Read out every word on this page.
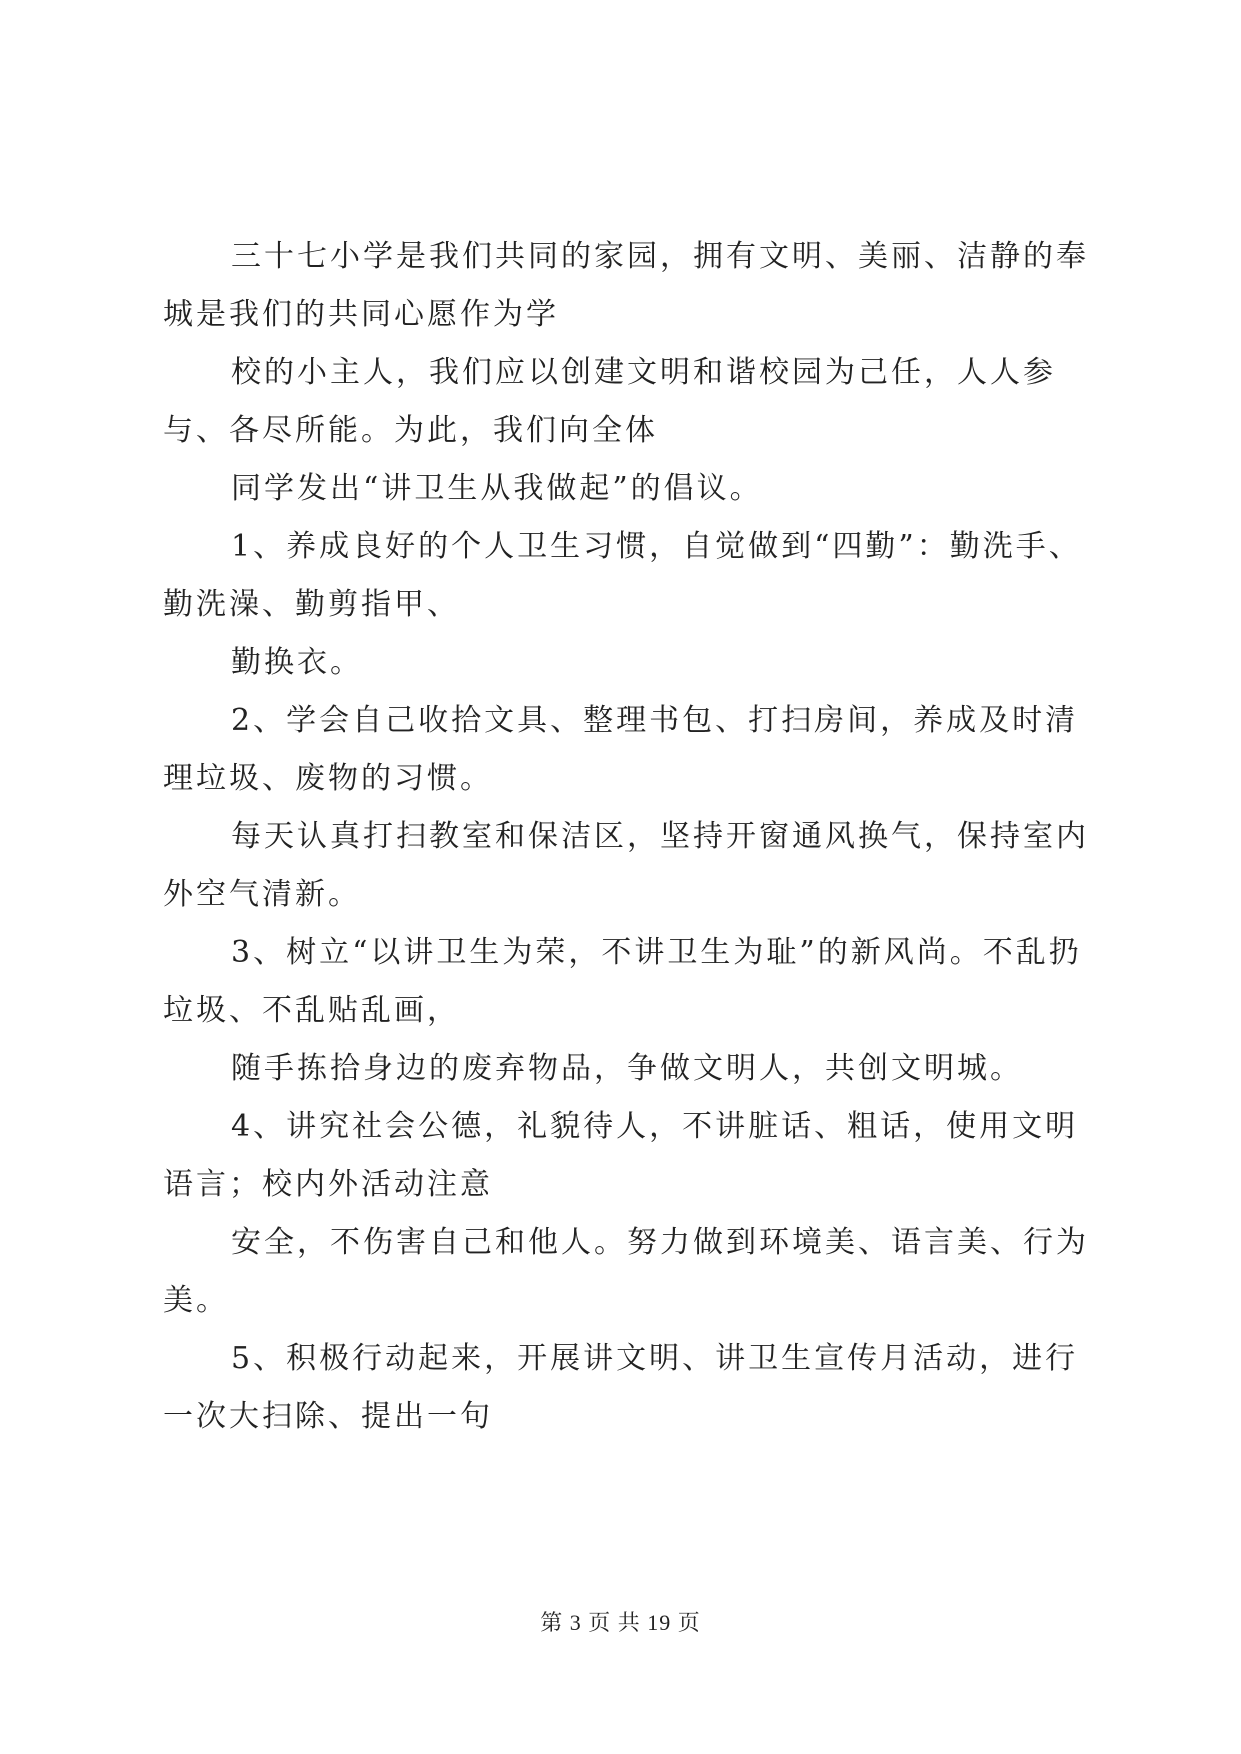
三十七小学是我们共同的家园，拥有文明、美丽、洁静的奉城是我们的共同心愿作为学

校的小主人，我们应以创建文明和谐校园为己任，人人参与、各尽所能。为此，我们向全体

同学发出“讲卫生从我做起”的倡议。

1、养成良好的个人卫生习惯，自觉做到“四勤”：勤洗手、勤洗澡、勤剪指甲、

勤换衣。

2、学会自己收拾文具、整理书包、打扫房间，养成及时清理垃圾、废物的习惯。

每天认真打扫教室和保洁区，坚持开窗通风换气，保持室内外空气清新。

3、树立“以讲卫生为荣，不讲卫生为耻”的新风尚。不乱扔垃圾、不乱贴乱画，

随手拣拾身边的废弃物品，争做文明人，共创文明城。

4、讲究社会公德，礼貌待人，不讲脏话、粗话，使用文明语言；校内外活动注意

安全，不伤害自己和他人。努力做到环境美、语言美、行为美。

5、积极行动起来，开展讲文明、讲卫生宣传月活动，进行一次大扫除、提出一句

第 3 页 共 19 页
